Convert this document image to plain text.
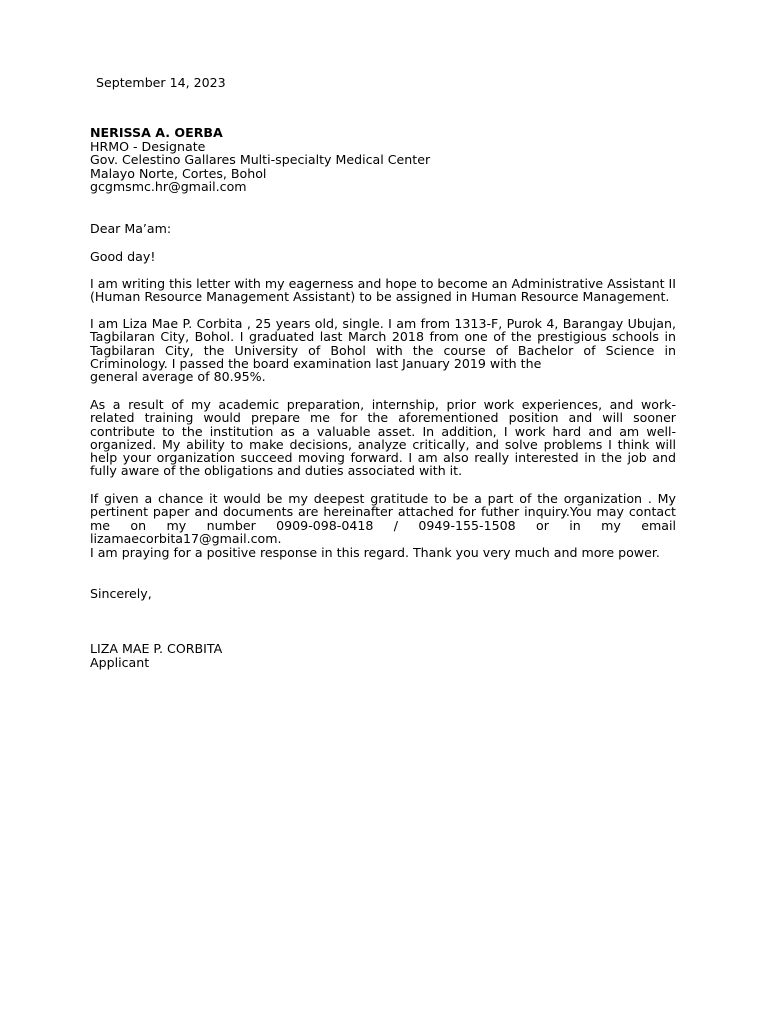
September 14, 2023
NERISSA A. OERBA
HRMO - Designate
Gov. Celestino Gallares Multi-specialty Medical Center
Malayo Norte, Cortes, Bohol
gcgmsmc.hr@gmail.com
Dear Ma’am:
Good day!

I am writing this letter with my eagerness and hope to become an Administrative Assistant II (Human Resource Management Assistant) to be assigned in Human Resource Management.

I am Liza Mae P. Corbita , 25 years old, single. I am from 1313-F, Purok 4, Barangay Ubujan, Tagbilaran City, Bohol. I graduated last March 2018 from one of the prestigious schools in Tagbilaran City, the University of Bohol with the course of Bachelor of Science in Criminology. I passed the board examination last January 2019 with the

general average of 80.95%.

As a result of my academic preparation, internship, prior work experiences, and work-related training would prepare me for the aforementioned position and will sooner contribute to the institution as a valuable asset. In addition, I work hard and am well-organized. My ability to make decisions, analyze critically, and solve problems I think will help your organization succeed moving forward. I am also really interested in the job and fully aware of the obligations and duties associated with it.

If given a chance it would be my deepest gratitude to be a part of the organization . My pertinent paper and documents are hereinafter attached for futher inquiry.You may contact me on my number 0909-098-0418 / 0949-155-1508 or in my email lizamaecorbita17@gmail.com.

I am praying for a positive response in this regard. Thank you very much and more power.

Sincerely,
LIZA MAE P. CORBITA
Applicant
